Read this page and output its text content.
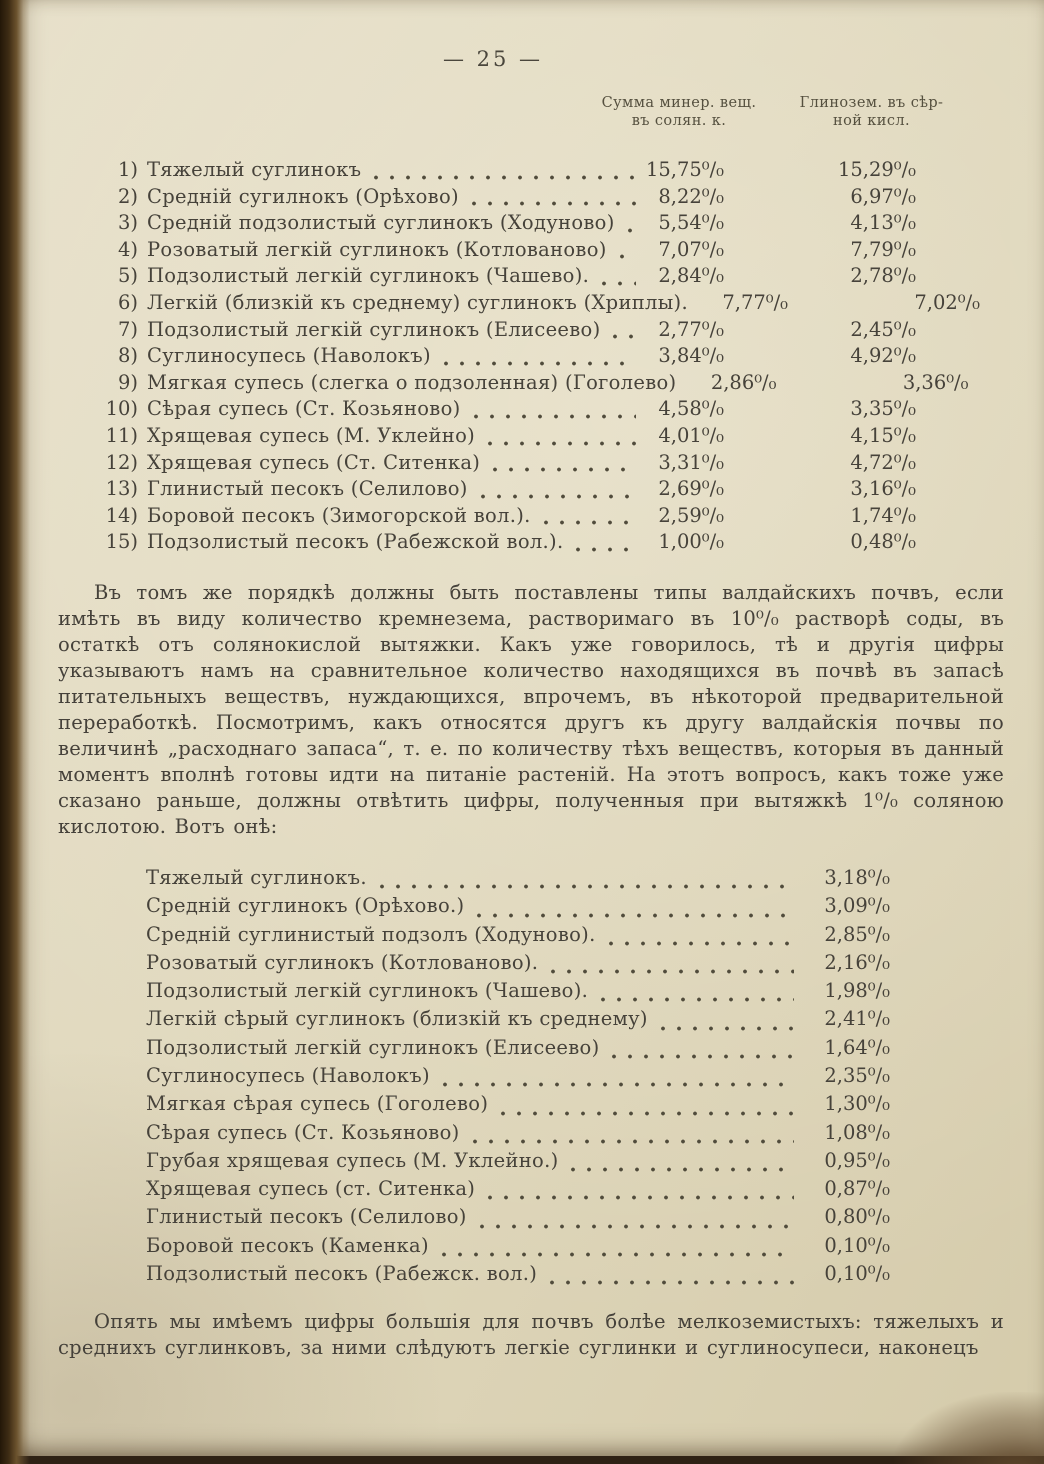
— 25 —
Сумма минер. вещ.
въ солян. к.
Глинозем. въ сѣр-
ной кисл.
1) Тяжелый суглинокъ	15,75⁰/₀	15,29⁰/₀
2) Средній сугилнокъ (Орѣхово)	8,22⁰/₀	6,97⁰/₀
3) Средній подзолистый суглинокъ (Ходуново)	5,54⁰/₀	4,13⁰/₀
4) Розоватый легкій суглинокъ (Котлованово)	7,07⁰/₀	7,79⁰/₀
5) Подзолистый легкій суглинокъ (Чашево).	2,84⁰/₀	2,78⁰/₀
6) Легкій (близкій къ среднему) суглинокъ (Хриплы).	7,77⁰/₀	7,02⁰/₀
7) Подзолистый легкій суглинокъ (Елисеево)	2,77⁰/₀	2,45⁰/₀
8) Суглиносупесь (Наволокъ)	3,84⁰/₀	4,92⁰/₀
9) Мягкая супесь (слегка о подзоленная) (Гоголево)	2,86⁰/₀	3,36⁰/₀
10) Сѣрая супесь (Ст. Козьяново)	4,58⁰/₀	3,35⁰/₀
11) Хрящевая супесь (М. Уклейно)	4,01⁰/₀	4,15⁰/₀
12) Хрящевая супесь (Ст. Ситенка)	3,31⁰/₀	4,72⁰/₀
13) Глинистый песокъ (Селилово)	2,69⁰/₀	3,16⁰/₀
14) Боровой песокъ (Зимогорской вол.).	2,59⁰/₀	1,74⁰/₀
15) Подзолистый песокъ (Рабежской вол.).	1,00⁰/₀	0,48⁰/₀

Въ томъ же порядкѣ должны быть поставлены типы валдайскихъ почвъ, если имѣть въ виду количество кремнезема, растворимаго въ 10⁰/₀ растворѣ соды, въ остаткѣ отъ солянокислой вытяжки. Какъ уже говорилось, тѣ и другія цифры указываютъ намъ на сравнительное количество находящихся въ почвѣ въ запасѣ питательныхъ веществъ, нуждающихся, впрочемъ, въ нѣкоторой предварительной переработкѣ. Посмотримъ, какъ относятся другъ къ другу валдайскія почвы по величинѣ „расходнаго запаса“, т. е. по количеству тѣхъ веществъ, которыя въ данный моментъ вполнѣ готовы идти на питаніе растеній. На этотъ вопросъ, какъ тоже уже сказано раньше, должны отвѣтить цифры, полученныя при вытяжкѣ 1⁰/₀ соляною кислотою. Вотъ онѣ:

Тяжелый суглинокъ.	3,18⁰/₀
Средній суглинокъ (Орѣхово.)	3,09⁰/₀
Средній суглинистый подзолъ (Ходуново).	2,85⁰/₀
Розоватый суглинокъ (Котлованово).	2,16⁰/₀
Подзолистый легкій суглинокъ (Чашево).	1,98⁰/₀
Легкій сѣрый суглинокъ (близкій къ среднему)	2,41⁰/₀
Подзолистый легкій суглинокъ (Елисеево)	1,64⁰/₀
Суглиносупесь (Наволокъ)	2,35⁰/₀
Мягкая сѣрая супесь (Гоголево)	1,30⁰/₀
Сѣрая супесь (Ст. Козьяново)	1,08⁰/₀
Грубая хрящевая супесь (М. Уклейно.)	0,95⁰/₀
Хрящевая супесь (ст. Ситенка)	0,87⁰/₀
Глинистый песокъ (Селилово)	0,80⁰/₀
Боровой песокъ (Каменка)	0,10⁰/₀
Подзолистый песокъ (Рабежск. вол.)	0,10⁰/₀

Опять мы имѣемъ цифры большія для почвъ болѣе мелкоземистыхъ: тяжелыхъ и среднихъ суглинковъ, за ними слѣдуютъ легкіе суглинки и суглиносупеси, наконецъ
